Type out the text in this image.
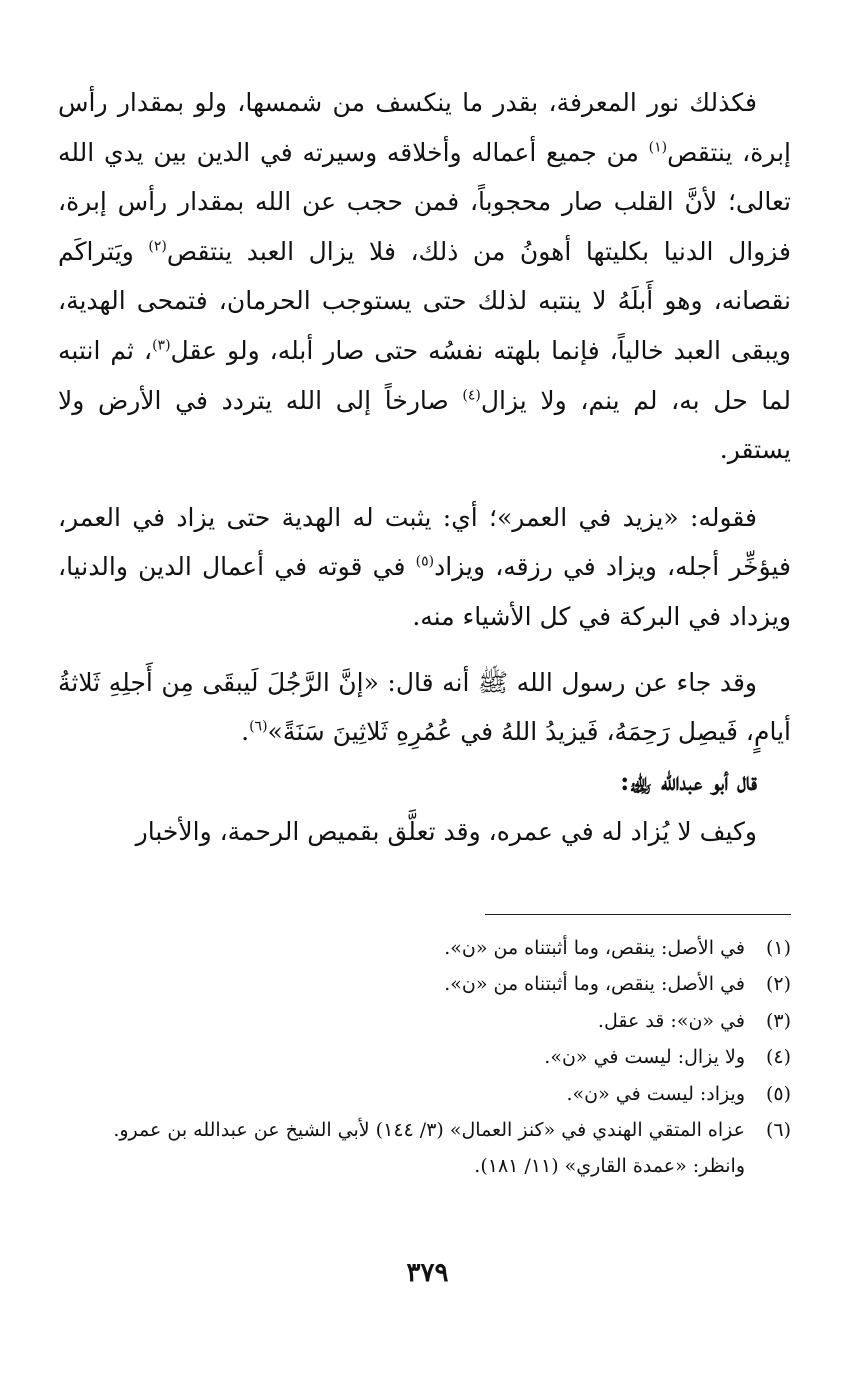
فكذلك نور المعرفة، بقدر ما ينكسف من شمسها، ولو بمقدار رأس إبرة، ينتقص$^{(١)}$ من جميع أعماله وأخلاقه وسيرته في الدين بين يدي الله تعالى؛ لأنَّ القلب صار محجوباً، فمن حجب عن الله بمقدار رأس إبرة، فزوال الدنيا بكليتها أهونُ من ذلك، فلا يزال العبد ينتقص$^{(٢)}$ ويَتراكَم نقصانه، وهو أَبلَهُ لا ينتبه لذلك حتى يستوجب الحرمان، فتمحى الهدية، ويبقى العبد خالياً، فإنما بلهته نفسُه حتى صار أبله، ولو عقل$^{(٣)}$، ثم انتبه لما حل به، لم ينم، ولا يزال$^{(٤)}$ صارخاً إلى الله يتردد في الأرض ولا يستقر.

فقوله: «يزيد في العمر»؛ أي: يثبت له الهدية حتى يزاد في العمر، فيؤخِّر أجله، ويزاد في رزقه، ويزاد$^{(٥)}$ في قوته في أعمال الدين والدنيا، ويزداد في البركة في كل الأشياء منه.

وقد جاء عن رسول الله ﷺ أنه قال: «إنَّ الرَّجُلَ لَيبقَى مِن أَجلِهِ ثَلاثةُ أيامٍ، فَيصِل رَحِمَهُ، فَيزيدُ اللهُ في عُمُرِهِ ثَلاثِينَ سَنَةً»$^{(٦)}$.

قال أبو عبدالله ﵀:

وكيف لا يُزاد له في عمره، وقد تعلَّق بقميص الرحمة، والأخبار

(١)
في الأصل: ينقص، وما أثبتناه من «ن».
(٢)
في الأصل: ينقص، وما أثبتناه من «ن».
(٣)
في «ن»: قد عقل.
(٤)
ولا يزال: ليست في «ن».
(٥)
ويزاد: ليست في «ن».
(٦)
عزاه المتقي الهندي في «كنز العمال» (٣/ ١٤٤) لأبي الشيخ عن عبدالله بن عمرو. وانظر: «عمدة القاري» (١١/ ١٨١).
٣٧٩
